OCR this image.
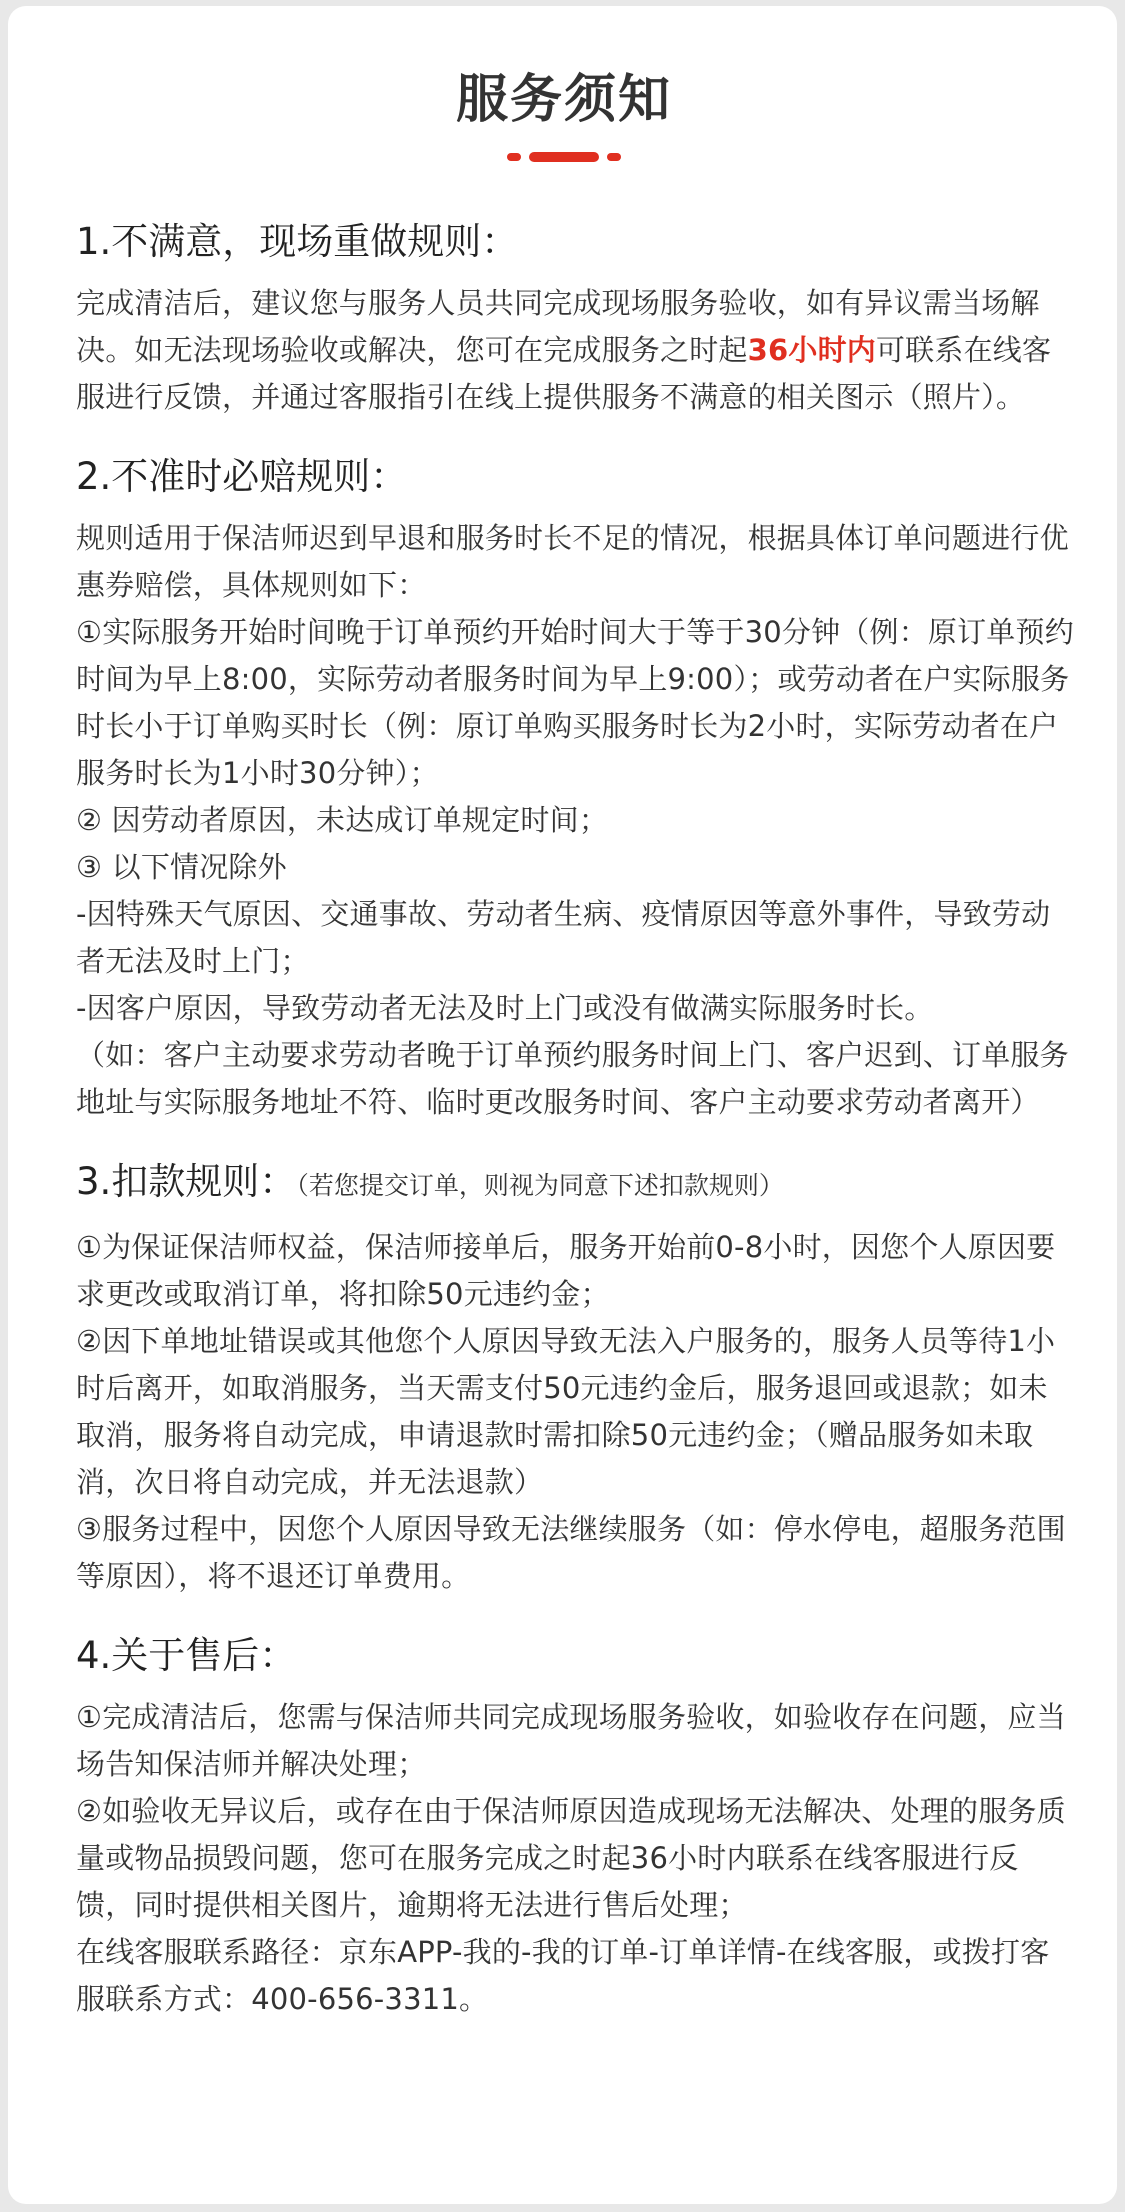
服务须知
1.不满意，现场重做规则：

完成清洁后，建议您与服务人员共同完成现场服务验收，如有异议需当场解决。如无法现场验收或解决，您可在完成服务之时起36小时内可联系在线客服进行反馈，并通过客服指引在线上提供服务不满意的相关图示（照片）。

2.不准时必赔规则：

规则适用于保洁师迟到早退和服务时长不足的情况，根据具体订单问题进行优惠券赔偿，具体规则如下：

①实际服务开始时间晚于订单预约开始时间大于等于30分钟（例：原订单预约时间为早上8:00，实际劳动者服务时间为早上9:00）；或劳动者在户实际服务时长小于订单购买时长（例：原订单购买服务时长为2小时，实际劳动者在户服务时长为1小时30分钟）；

② 因劳动者原因，未达成订单规定时间；

③ 以下情况除外

-因特殊天气原因、交通事故、劳动者生病、疫情原因等意外事件，导致劳动者无法及时上门；

-因客户原因，导致劳动者无法及时上门或没有做满实际服务时长。

（如：客户主动要求劳动者晚于订单预约服务时间上门、客户迟到、订单服务地址与实际服务地址不符、临时更改服务时间、客户主动要求劳动者离开）

3.扣款规则：（若您提交订单，则视为同意下述扣款规则）

①为保证保洁师权益，保洁师接单后，服务开始前0-8小时，因您个人原因要求更改或取消订单，将扣除50元违约金；

②因下单地址错误或其他您个人原因导致无法入户服务的，服务人员等待1小时后离开，如取消服务，当天需支付50元违约金后，服务退回或退款；如未取消，服务将自动完成，申请退款时需扣除50元违约金；（赠品服务如未取消，次日将自动完成，并无法退款）

③服务过程中，因您个人原因导致无法继续服务（如：停水停电，超服务范围等原因），将不退还订单费用。

4.关于售后：

①完成清洁后，您需与保洁师共同完成现场服务验收，如验收存在问题，应当场告知保洁师并解决处理；

②如验收无异议后，或存在由于保洁师原因造成现场无法解决、处理的服务质量或物品损毁问题，您可在服务完成之时起36小时内联系在线客服进行反馈，同时提供相关图片，逾期将无法进行售后处理；

在线客服联系路径：京东APP-我的-我的订单-订单详情-在线客服，或拨打客服联系方式：400-656-3311。
